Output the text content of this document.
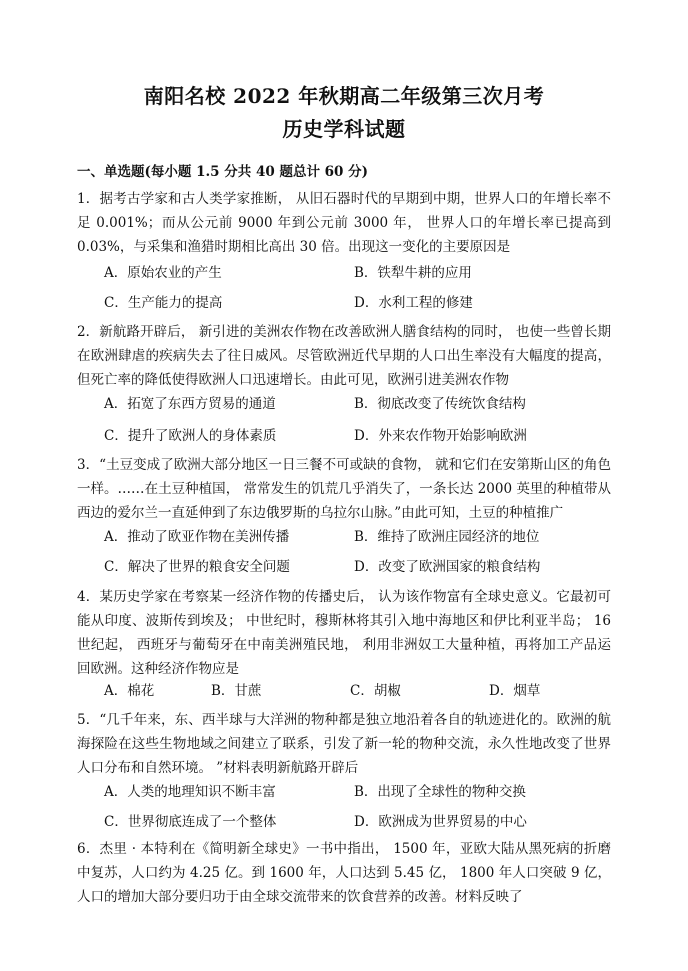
南阳名校 2022 年秋期高二年级第三次月考
历史学科试题
一、单选题(每小题 1.5 分共 40 题总计 60 分)
1．据考古学家和古人类学家推断， 从旧石器时代的早期到中期，世界人口的年增长率不足 0.001%；而从公元前 9000 年到公元前 3000 年， 世界人口的年增长率已提高到 0.03%，与采集和渔猎时期相比高出 30 倍。出现这一变化的主要原因是
A．原始农业的产生	B．铁犁牛耕的应用
C．生产能力的提高	D．水利工程的修建
2．新航路开辟后， 新引进的美洲农作物在改善欧洲人膳食结构的同时， 也使一些曾长期在欧洲肆虐的疾病失去了往日威风。尽管欧洲近代早期的人口出生率没有大幅度的提高，但死亡率的降低使得欧洲人口迅速增长。由此可见，欧洲引进美洲农作物
A．拓宽了东西方贸易的通道	B．彻底改变了传统饮食结构
C．提升了欧洲人的身体素质	D．外来农作物开始影响欧洲
3．“土豆变成了欧洲大部分地区一日三餐不可或缺的食物， 就和它们在安第斯山区的角色一样。……在土豆种植国， 常常发生的饥荒几乎消失了，一条长达 2000 英里的种植带从西边的爱尔兰一直延伸到了东边俄罗斯的乌拉尔山脉。”由此可知，土豆的种植推广
A．推动了欧亚作物在美洲传播	B．维持了欧洲庄园经济的地位
C．解决了世界的粮食安全问题	D．改变了欧洲国家的粮食结构
4．某历史学家在考察某一经济作物的传播史后， 认为该作物富有全球史意义。它最初可能从印度、波斯传到埃及； 中世纪时，穆斯林将其引入地中海地区和伊比利亚半岛； 16 世纪起， 西班牙与葡萄牙在中南美洲殖民地， 利用非洲奴工大量种植，再将加工产品运回欧洲。这种经济作物应是
A．棉花	B．甘蔗	C．胡椒	D．烟草
5．“几千年来，东、西半球与大洋洲的物种都是独立地沿着各自的轨迹进化的。欧洲的航海探险在这些生物地域之间建立了联系，引发了新一轮的物种交流，永久性地改变了世界人口分布和自然环境。 ”材料表明新航路开辟后
A．人类的地理知识不断丰富	B．出现了全球性的物种交换
C．世界彻底连成了一个整体	D．欧洲成为世界贸易的中心
6．杰里 · 本特利在《简明新全球史》一书中指出， 1500 年，亚欧大陆从黑死病的折磨中复苏，人口约为 4.25 亿。到 1600 年，人口达到 5.45 亿， 1800 年人口突破 9 亿，人口的增加大部分要归功于由全球交流带来的饮食营养的改善。材料反映了
